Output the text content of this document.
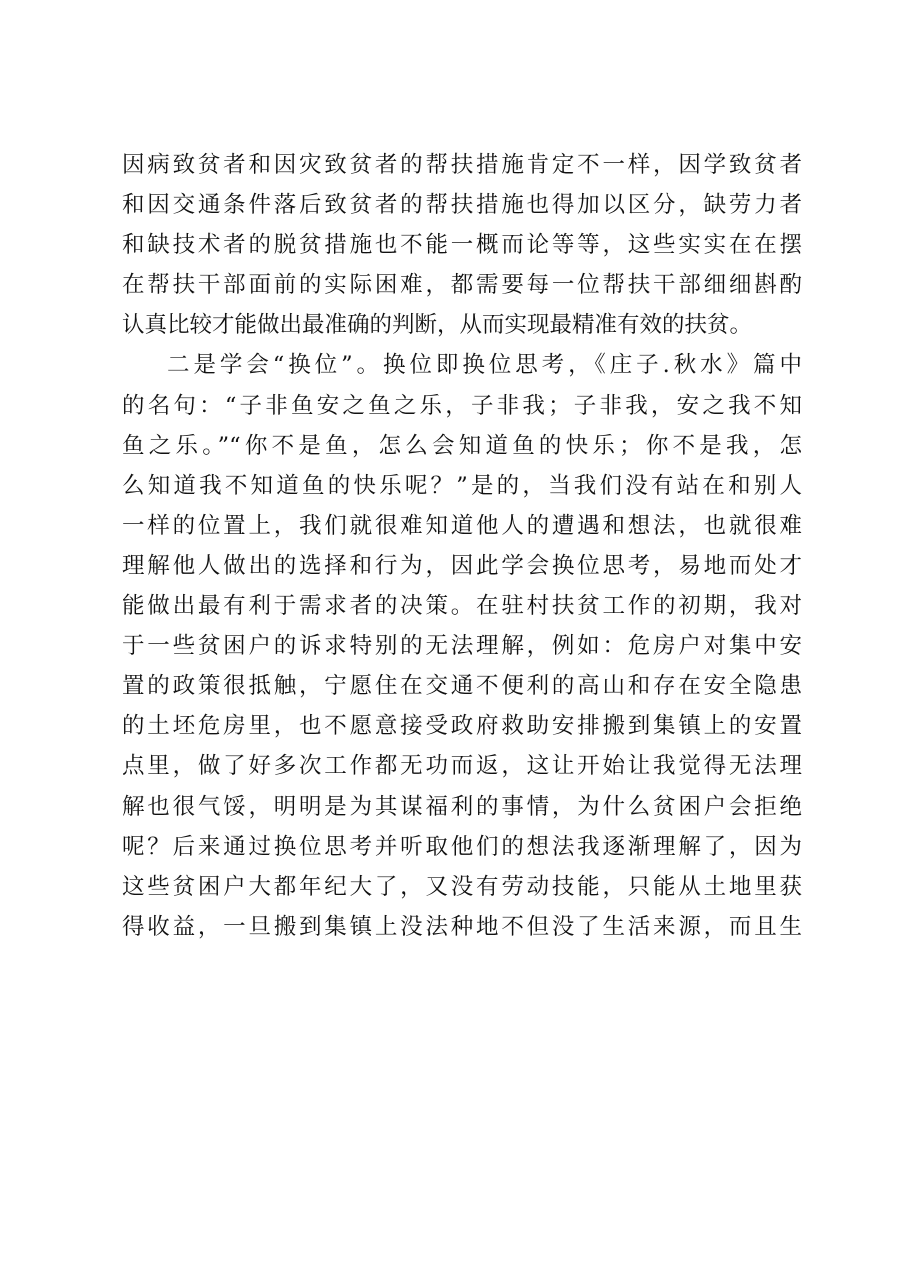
因病致贫者和因灾致贫者的帮扶措施肯定不一样，因学致贫者
和因交通条件落后致贫者的帮扶措施也得加以区分，缺劳力者
和缺技术者的脱贫措施也不能一概而论等等，这些实实在在摆
在帮扶干部面前的实际困难，都需要每一位帮扶干部细细斟酌
认真比较才能做出最准确的判断，从而实现最精准有效的扶贫。
二是学会“换位”。换位即换位思考，《庄子.秋水》篇中
的名句：“子非鱼安之鱼之乐，子非我；子非我，安之我不知
鱼之乐。”“你不是鱼，怎么会知道鱼的快乐；你不是我，怎
么知道我不知道鱼的快乐呢？”是的，当我们没有站在和别人
一样的位置上，我们就很难知道他人的遭遇和想法，也就很难
理解他人做出的选择和行为，因此学会换位思考，易地而处才
能做出最有利于需求者的决策。在驻村扶贫工作的初期，我对
于一些贫困户的诉求特别的无法理解，例如：危房户对集中安
置的政策很抵触，宁愿住在交通不便利的高山和存在安全隐患
的土坯危房里，也不愿意接受政府救助安排搬到集镇上的安置
点里，做了好多次工作都无功而返，这让开始让我觉得无法理
解也很气馁，明明是为其谋福利的事情，为什么贫困户会拒绝
呢？后来通过换位思考并听取他们的想法我逐渐理解了，因为
这些贫困户大都年纪大了，又没有劳动技能，只能从土地里获
得收益，一旦搬到集镇上没法种地不但没了生活来源，而且生
